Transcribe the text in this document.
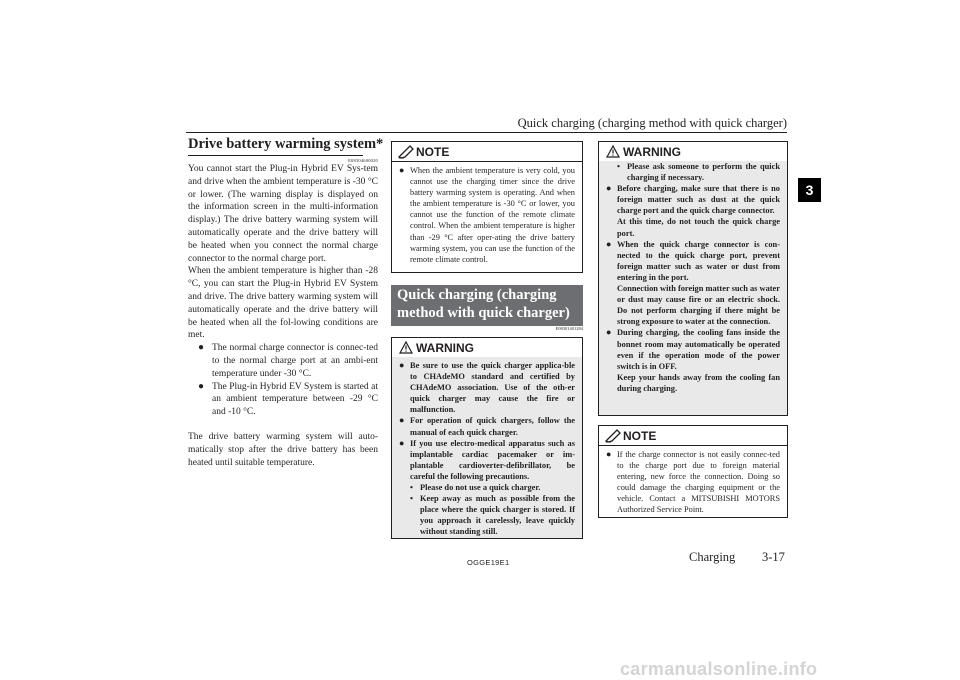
Quick charging (charging method with quick charger)
3
Drive battery warming system*
E08304600020

You cannot start the Plug-in Hybrid EV Sys-tem and drive when the ambient temperature is -30 °C or lower. (The warning display is displayed on the information screen in the multi-information display.) The drive battery warming system will automatically operate and the drive battery will be heated when you connect the normal charge connector to the normal charge port.

When the ambient temperature is higher than -28 °C, you can start the Plug-in Hybrid EV System and drive. The drive battery warming system will automatically operate and the drive battery will be heated when all the fol-lowing conditions are met.

● The normal charge connector is connec-ted to the normal charge port at an ambi-ent temperature under -30 °C.
● The Plug-in Hybrid EV System is started at an ambient temperature between -29 °C and -10 °C.

The drive battery warming system will auto-matically stop after the drive battery has been heated until suitable temperature.

NOTE
● When the ambient temperature is very cold, you cannot use the charging timer since the drive battery warming system is operating. And when the ambient temperature is -30 °C or lower, you cannot use the function of the remote climate control. When the ambient temperature is higher than -29 °C after oper-ating the drive battery warming system, you can use the function of the remote climate control.
Quick charging (charging
method with quick charger)
E08301401284
WARNING
● Be sure to use the quick charger applica-ble to CHAdeMO standard and certified by CHAdeMO association. Use of the oth-er quick charger may cause the fire or malfunction.
● For operation of quick chargers, follow the manual of each quick charger.
● If you use electro-medical apparatus such as implantable cardiac pacemaker or im-plantable cardioverter-defibrillator, be careful the following precautions.
• Please do not use a quick charger.
• Keep away as much as possible from the place where the quick charger is stored. If you approach it carelessly, leave quickly without standing still.
WARNING
• Please ask someone to perform the quick charging if necessary.
● Before charging, make sure that there is no foreign matter such as dust at the quick charge port and the quick charge connector.
At this time, do not touch the quick charge port.
● When the quick charge connector is con-nected to the quick charge port, prevent foreign matter such as water or dust from entering in the port.
Connection with foreign matter such as water or dust may cause fire or an electric shock. Do not perform charging if there might be strong exposure to water at the connection.
● During charging, the cooling fans inside the bonnet room may automatically be operated even if the operation mode of the power switch is in OFF.
Keep your hands away from the cooling fan during charging.
NOTE
● If the charge connector is not easily connec-ted to the charge port due to foreign material entering, new force the connection. Doing so could damage the charging equipment or the vehicle. Contact a MITSUBISHI MOTORS Authorized Service Point.
OGGE19E1	Charging 3-17
carmanualsonline.info
